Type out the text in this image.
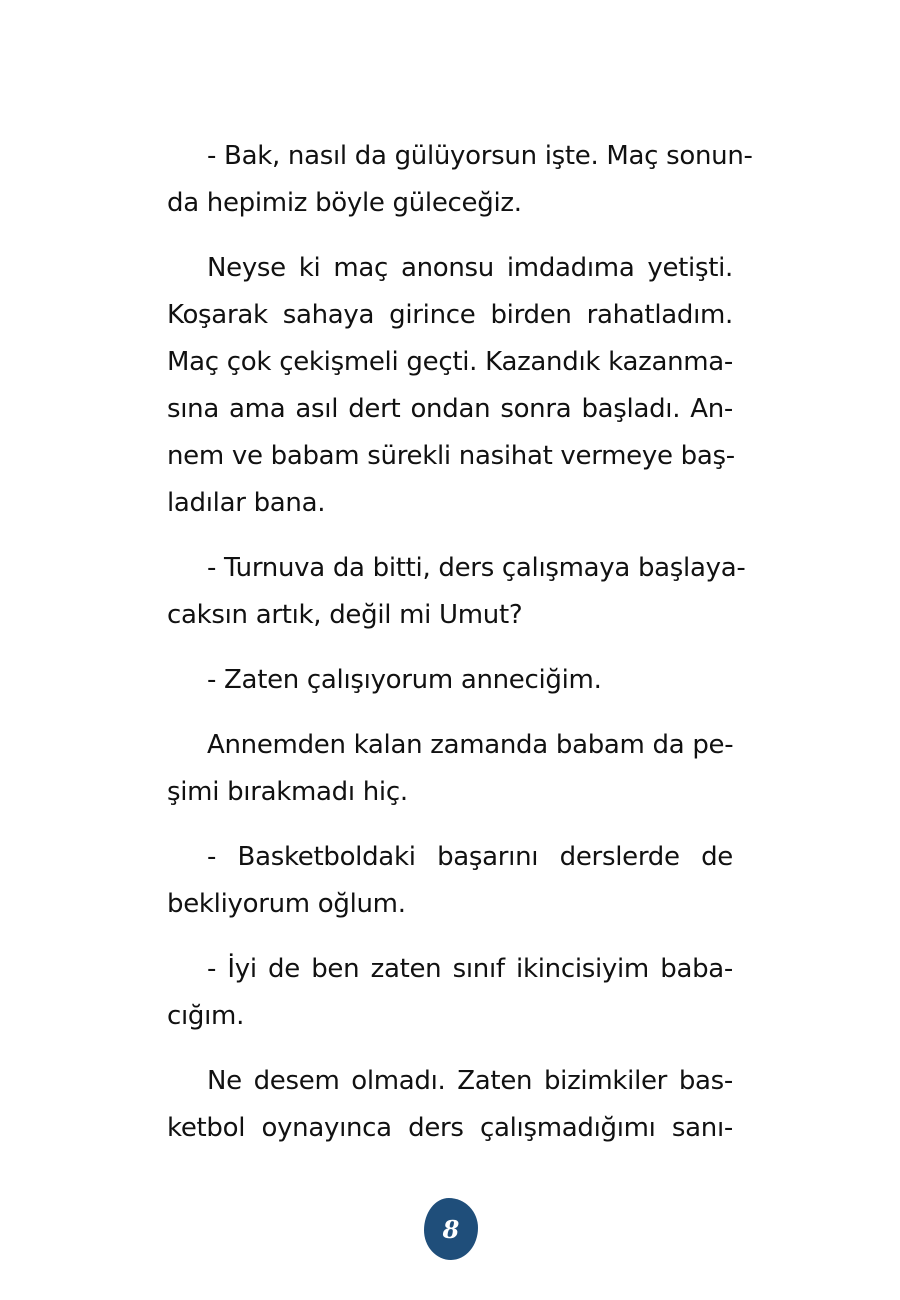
- Bak, nasıl da gülüyorsun işte. Maç sonun-
da hepimiz böyle güleceğiz.

Neyse ki maç anonsu imdadıma yetişti.
Koşarak sahaya girince birden rahatladım.
Maç çok çekişmeli geçti. Kazandık kazanma-
sına ama asıl dert ondan sonra başladı. An-
nem ve babam sürekli nasihat vermeye baş-
ladılar bana.

- Turnuva da bitti, ders çalışmaya başlaya-
caksın artık, değil mi Umut?

- Zaten çalışıyorum anneciğim.

Annemden kalan zamanda babam da pe-
şimi bırakmadı hiç.

- Basketboldaki başarını derslerde de
bekliyorum oğlum.

- İyi de ben zaten sınıf ikincisiyim baba-
cığım.

Ne desem olmadı. Zaten bizimkiler bas-
ketbol oynayınca ders çalışmadığımı sanı-

8
